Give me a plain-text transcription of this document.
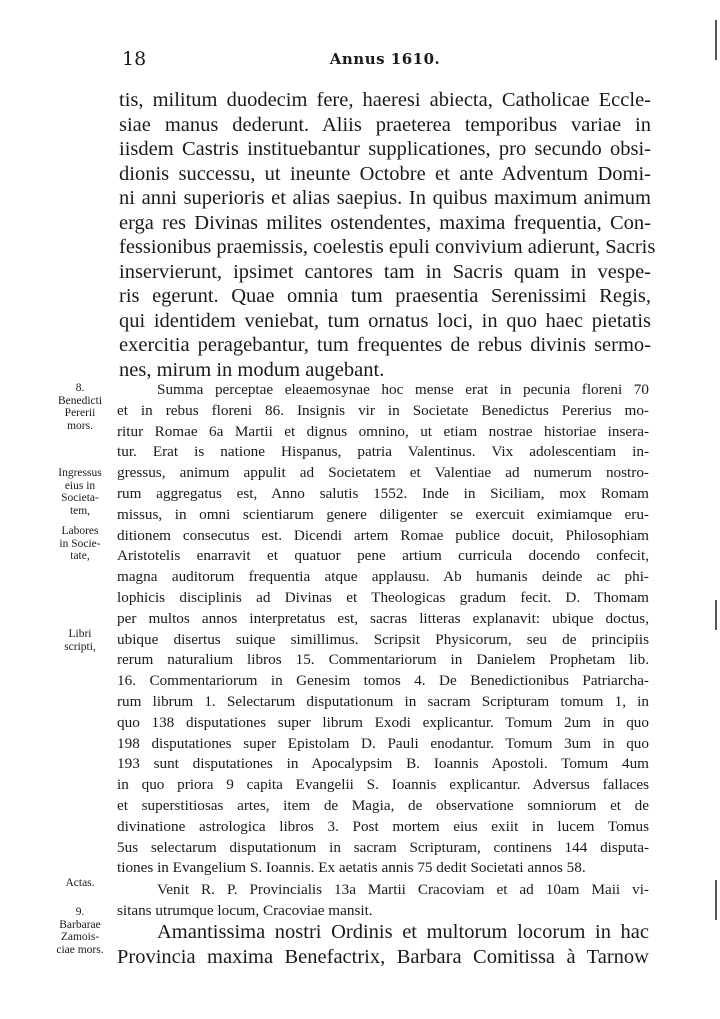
18	Annus 1610.
tis, militum duodecim fere, haeresi abiecta, Catholicae Eccle-
siae manus dederunt. Aliis praeterea temporibus variae in
iisdem Castris instituebantur supplicationes, pro secundo obsi-
dionis successu, ut ineunte Octobre et ante Adventum Domi-
ni anni superioris et alias saepius. In quibus maximum animum
erga res Divinas milites ostendentes, maxima frequentia, Con-
fessionibus praemissis, coelestis epuli convivium adierunt, Sacris
inservierunt, ipsimet cantores tam in Sacris quam in vespe-
ris egerunt. Quae omnia tum praesentia Serenissimi Regis,
qui identidem veniebat, tum ornatus loci, in quo haec pietatis
exercitia peragebantur, tum frequentes de rebus divinis sermo-
nes, mirum in modum augebant.
Summa perceptae eleaemosynae hoc mense erat in pecunia floreni 70
et in rebus floreni 86. Insignis vir in Societate Benedictus Pererius mo-
ritur Romae 6a Martii et dignus omnino, ut etiam nostrae historiae insera-
tur. Erat is natione Hispanus, patria Valentinus. Vix adolescentiam in-
gressus, animum appulit ad Societatem et Valentiae ad numerum nostro-
rum aggregatus est, Anno salutis 1552. Inde in Siciliam, mox Romam
missus, in omni scientiarum genere diligenter se exercuit eximiamque eru-
ditionem consecutus est. Dicendi artem Romae publice docuit, Philosophiam
Aristotelis enarravit et quatuor pene artium curricula docendo confecit,
magna auditorum frequentia atque applausu. Ab humanis deinde ac phi-
lophicis disciplinis ad Divinas et Theologicas gradum fecit. D. Thomam
per multos annos interpretatus est, sacras litteras explanavit: ubique doctus,
ubique disertus suique simillimus. Scripsit Physicorum, seu de principiis
rerum naturalium libros 15. Commentariorum in Danielem Prophetam lib.
16. Commentariorum in Genesim tomos 4. De Benedictionibus Patriarcha-
rum librum 1. Selectarum disputationum in sacram Scripturam tomum 1, in
quo 138 disputationes super librum Exodi explicantur. Tomum 2um in quo
198 disputationes super Epistolam D. Pauli enodantur. Tomum 3um in quo
193 sunt disputationes in Apocalypsim B. Ioannis Apostoli. Tomum 4um
in quo priora 9 capita Evangelii S. Ioannis explicantur. Adversus fallaces
et superstitiosas artes, item de Magia, de observatione somniorum et de
divinatione astrologica libros 3. Post mortem eius exiit in lucem Tomus
5us selectarum disputationum in sacram Scripturam, continens 144 disputa-
tiones in Evangelium S. Ioannis. Ex aetatis annis 75 dedit Societati annos 58.
Venit R. P. Provincialis 13a Martii Cracoviam et ad 10am Maii vi-
sitans utrumque locum, Cracoviae mansit.
Amantissima nostri Ordinis et multorum locorum in hac
Provincia maxima Benefactrix, Barbara Comitissa à Tarnow
8.
Benedicti
Pererii
mors.
Ingressus
eius in
Societa-
tem,
Labores
in Socie-
tate,
Libri
scripti,
Actas.
9.
Barbarae
Zamois-
ciae mors.
